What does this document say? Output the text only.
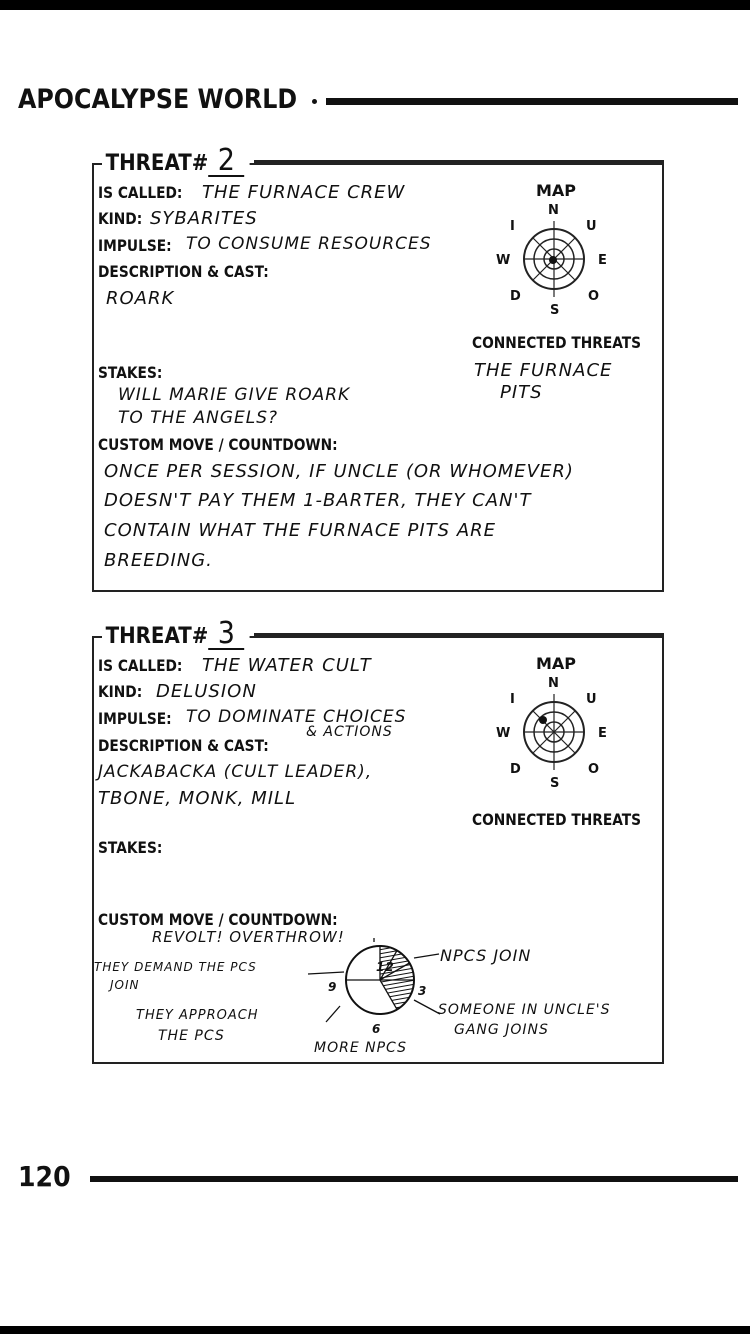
APOCALYPSE WORLD
THREAT# 2
IS CALLED: THE FURNACE CREW
KIND: SYBARITES
IMPULSE: TO CONSUME RESOURCES
DESCRIPTION & CAST:
ROARK
MAP
N
I	U
W	E
D	O
S
CONNECTED THREATS
THE FURNACE
PITS
STAKES:
WILL MARIE GIVE ROARK
TO THE ANGELS?
CUSTOM MOVE / COUNTDOWN:
ONCE PER SESSION, IF UNCLE (OR WHOMEVER)
DOESN'T PAY THEM 1-BARTER, THEY CAN'T
CONTAIN WHAT THE FURNACE PITS ARE
BREEDING.
THREAT# 3
IS CALLED: THE WATER CULT
KIND: DELUSION
IMPULSE: TO DOMINATE CHOICES
& ACTIONS
DESCRIPTION & CAST:
JACKABACKA (CULT LEADER),
TBONE, MONK, MILL
MAP
N
I	U
W	E
D	O
S
CONNECTED THREATS
STAKES:
CUSTOM MOVE / COUNTDOWN:
12
3
6
9
REVOLT! OVERTHROW!
NPCS JOIN
THEY DEMAND THE PCS
JOIN
SOMEONE IN UNCLE'S
GANG JOINS
THEY APPROACH
THE PCS
MORE NPCS
120
